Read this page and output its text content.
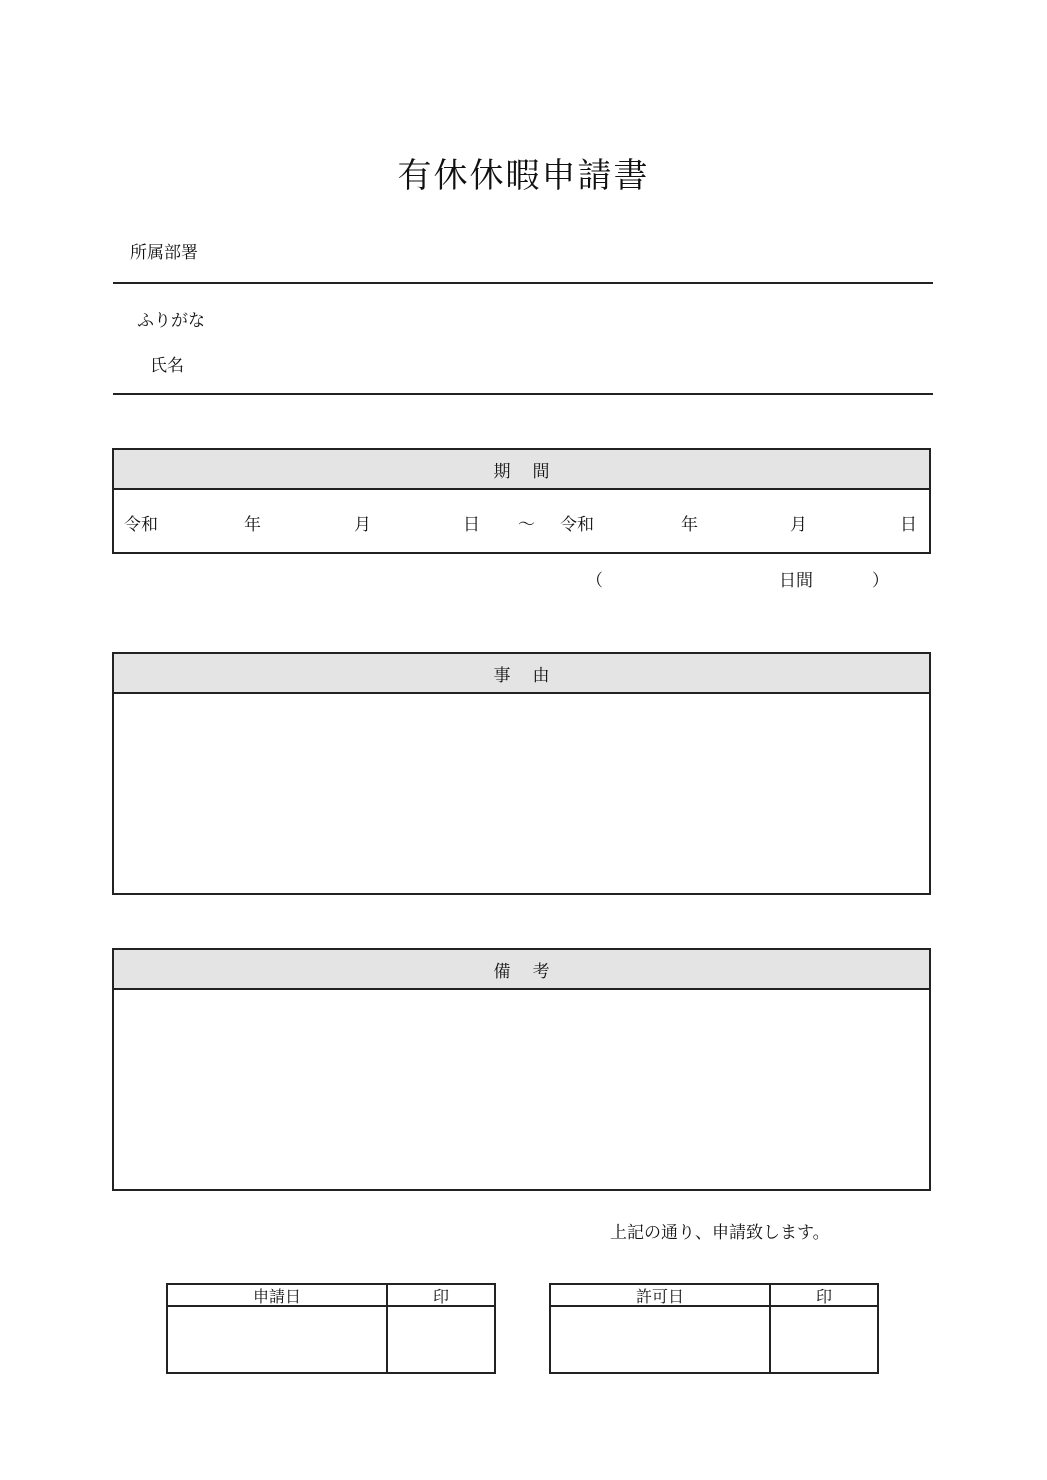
有休休暇申請書
所属部署
ふりがな
氏名
期間
令和	年	月	日 ～ 令和	年	月	日
（	日間	）
事由
備考
上記の通り、申請致します。
申請日	印	許可日	印
